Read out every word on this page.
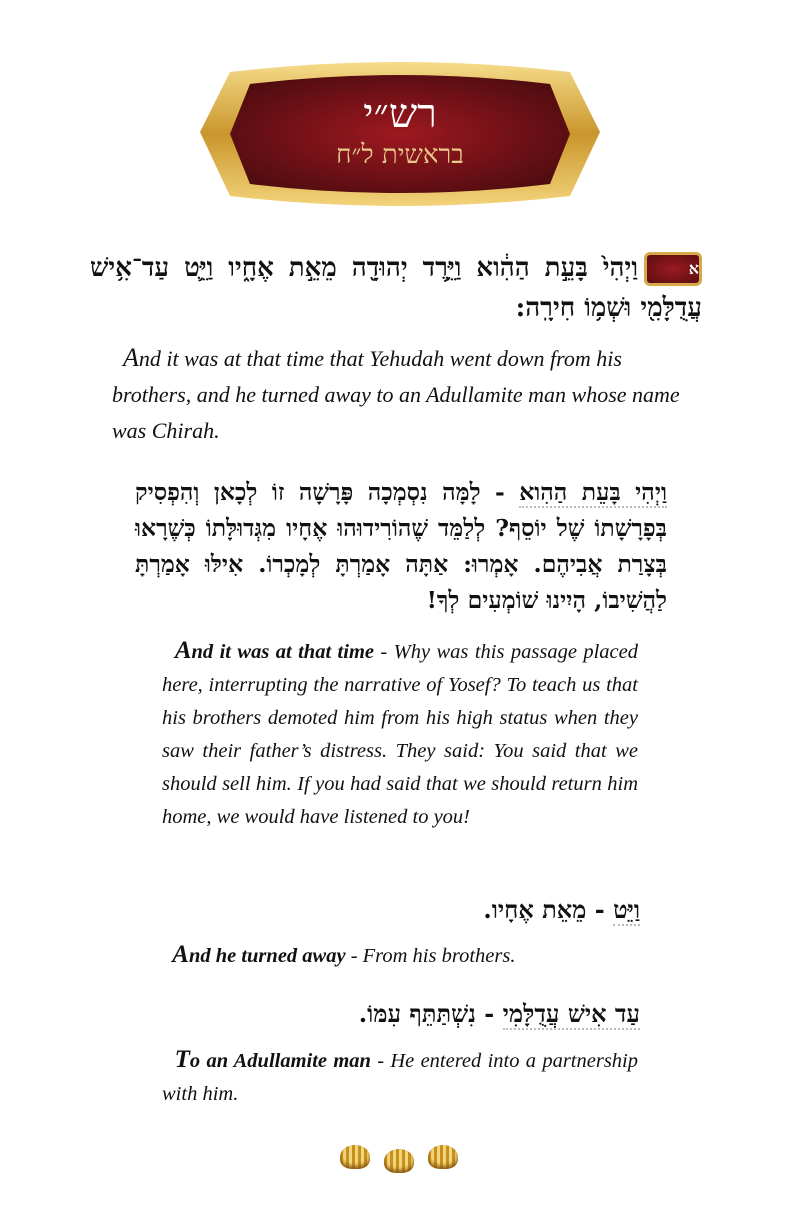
רש״י
בראשית ל״ח
אוַיְהִי֙ בָּעֵ֣ת הַהִ֔וא וַיֵּ֥רֶד יְהוּדָ֖ה מֵאֵ֣ת אֶחָ֑יו וַיֵּ֛ט עַד־אִ֥ישׁ עֲדֻלָּמִ֖י וּשְׁמ֥וֹ חִירָֽה:
And it was at that time that Yehudah went down from his brothers, and he turned away to an Adullamite man whose name was Chirah.
וַיְהִי בָּעֵת הַהִוא - לָמָּה נִסְמְכָה פָּרָשָׁה זוֹ לְכָאן וְהִפְסִיק בְּפָרָשָׁתוֹ שֶׁל יוֹסֵף? לְלַמֵּד שֶׁהוֹרִידוּהוּ אֶחָיו מִגְּדוּלָּתוֹ כְּשֶׁרָאוּ בְּצָרַת אֲבִיהֶם. אָמְרוּ: אַתָּה אָמַרְתָּ לְמָכְרוֹ. אִילּוּ אָמַרְתָּ לַהֲשִׁיבוֹ, הָיִינוּ שׁוֹמְעִים לְךָ!
And it was at that time - Why was this passage placed here, interrupting the narrative of Yosef? To teach us that his brothers demoted him from his high status when they saw their father’s distress. They said: You said that we should sell him. If you had said that we should return him home, we would have listened to you!
וַיֵּט - מֵאֵת אֶחָיו.
And he turned away - From his brothers.
עַד אִישׁ עֲדֻלָּמִי - נִשְׁתַּתֵּף עִמּוֹ.
To an Adullamite man - He entered into a partnership with him.
